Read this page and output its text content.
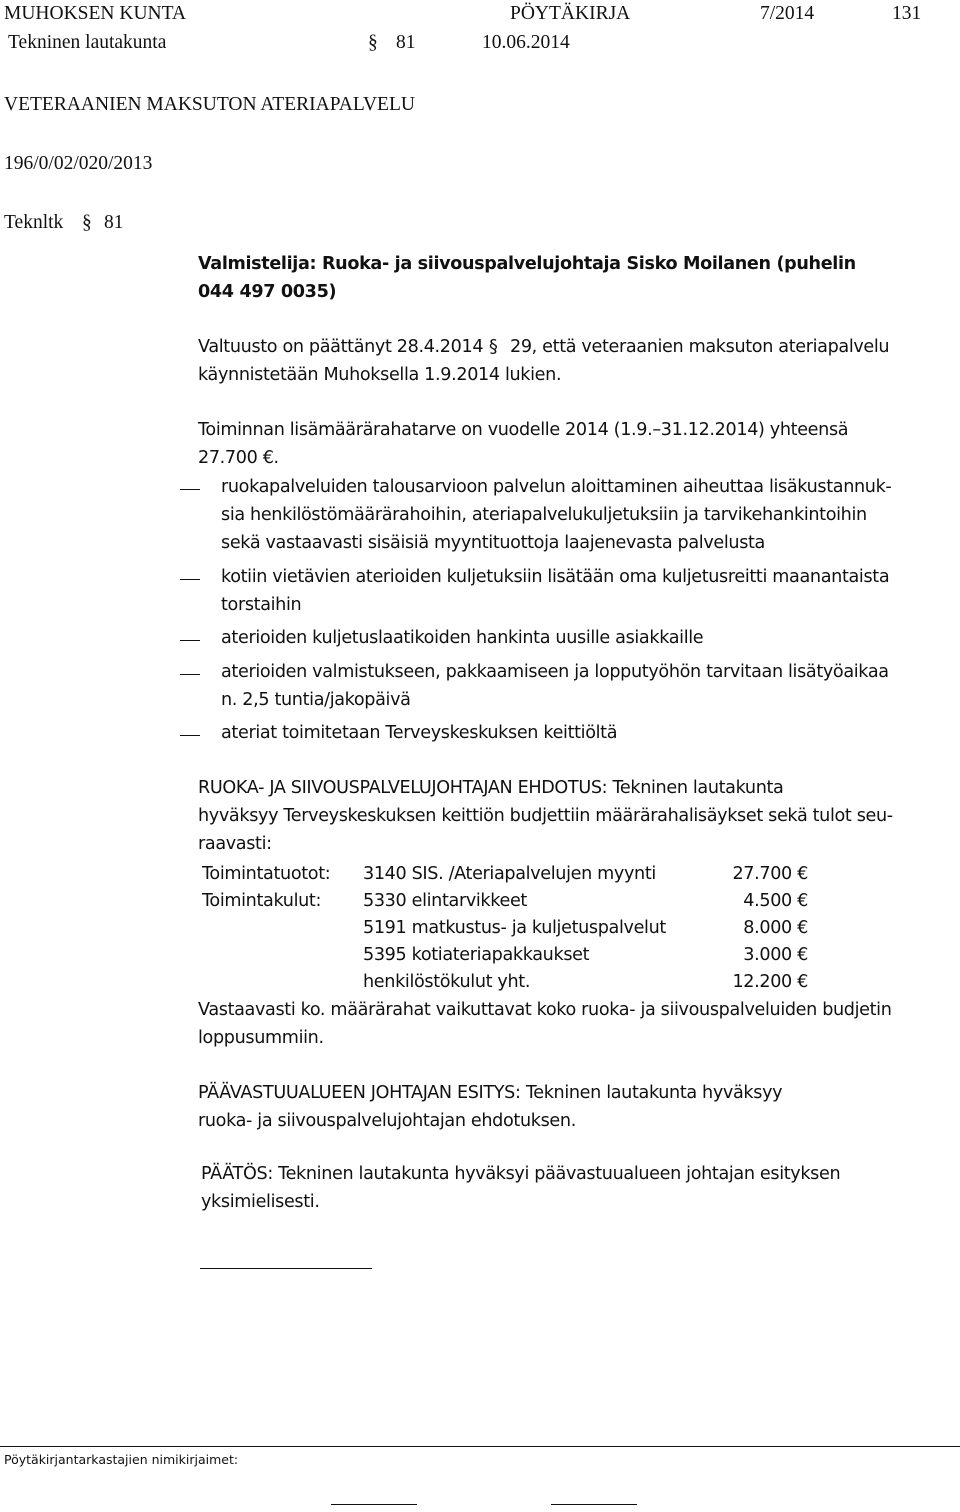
MUHOKSEN KUNTA	PÖYTÄKIRJA	7/2014	131
Tekninen lautakunta	§ 81	10.06.2014
VETERAANIEN MAKSUTON ATERIAPALVELU
196/0/02/020/2013
Teknltk § 81
Valmistelija: Ruoka- ja siivouspalvelujohtaja Sisko Moilanen (puhelin
044 497 0035)
Valtuusto on päättänyt 28.4.2014 § 29, että veteraanien maksuton ateriapalvelu
käynnistetään Muhoksella 1.9.2014 lukien.
Toiminnan lisämäärärahatarve on vuodelle 2014 (1.9.–31.12.2014) yhteensä
27.700 €.
ruokapalveluiden talousarvioon palvelun aloittaminen aiheuttaa lisäkustannuk-
sia henkilöstömäärärahoihin, ateriapalvelukuljetuksiin ja tarvikehankintoihin
sekä vastaavasti sisäisiä myyntituottoja laajenevasta palvelusta
kotiin vietävien aterioiden kuljetuksiin lisätään oma kuljetusreitti maanantaista
torstaihin
aterioiden kuljetuslaatikoiden hankinta uusille asiakkaille
aterioiden valmistukseen, pakkaamiseen ja lopputyöhön tarvitaan lisätyöaikaa
n. 2,5 tuntia/jakopäivä
ateriat toimitetaan Terveyskeskuksen keittiöltä
RUOKA- JA SIIVOUSPALVELUJOHTAJAN EHDOTUS: Tekninen lautakunta
hyväksyy Terveyskeskuksen keittiön budjettiin määrärahalisäykset sekä tulot seu-
raavasti:
Toimintatuotot: 3140 SIS. /Ateriapalvelujen myynti	27.700 €
Toimintakulut: 5330 elintarvikkeet	4.500 €
5191 matkustus- ja kuljetuspalvelut	8.000 €
5395 kotiateriapakkaukset	3.000 €
henkilöstökulut yht.	12.200 €
Vastaavasti ko. määrärahat vaikuttavat koko ruoka- ja siivouspalveluiden budjetin
loppusummiin.
PÄÄVASTUUALUEEN JOHTAJAN ESITYS: Tekninen lautakunta hyväksyy
ruoka- ja siivouspalvelujohtajan ehdotuksen.
PÄÄTÖS: Tekninen lautakunta hyväksyi päävastuualueen johtajan esityksen
yksimielisesti.
Pöytäkirjantarkastajien nimikirjaimet:
